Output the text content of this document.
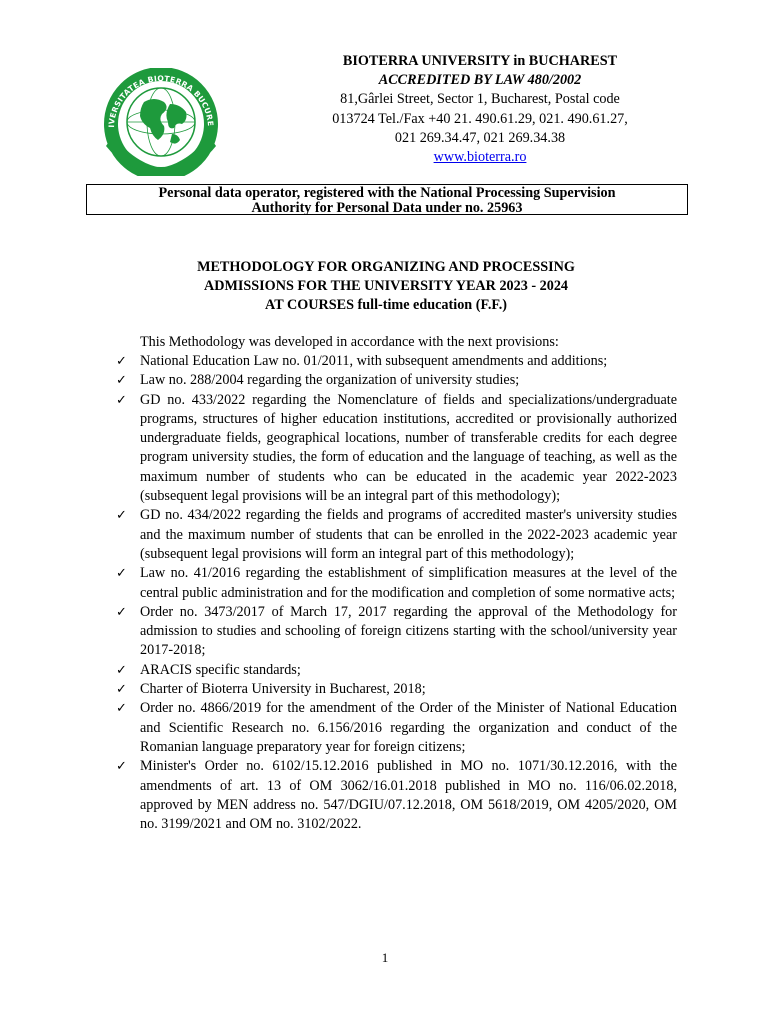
IVERSITATEA BIOTERRA BUCURE
BIOTERRA UNIVERSITY in BUCHAREST
ACCREDITED BY LAW 480/2002
81,Gârlei Street, Sector 1, Bucharest, Postal code
013724 Tel./Fax +40 21. 490.61.29, 021. 490.61.27,
021 269.34.47, 021 269.34.38
www.bioterra.ro
Personal data operator, registered with the National Processing Supervision
Authority for Personal Data under no. 25963
METHODOLOGY FOR ORGANIZING AND PROCESSING
ADMISSIONS FOR THE UNIVERSITY YEAR 2023 - 2024
AT COURSES full-time education (F.F.)
This Methodology was developed in accordance with the next provisions:
✓ National Education Law no. 01/2011, with subsequent amendments and additions;
✓ Law no. 288/2004 regarding the organization of university studies;
✓ GD no. 433/2022 regarding the Nomenclature of fields and specializations/undergraduate programs, structures of higher education institutions, accredited or provisionally authorized undergraduate fields, geographical locations, number of transferable credits for each degree program university studies, the form of education and the language of teaching, as well as the maximum number of students who can be educated in the academic year 2022-2023 (subsequent legal provisions will be an integral part of this methodology);
✓ GD no. 434/2022 regarding the fields and programs of accredited master's university studies and the maximum number of students that can be enrolled in the 2022-2023 academic year (subsequent legal provisions will form an integral part of this methodology);
✓ Law no. 41/2016 regarding the establishment of simplification measures at the level of the central public administration and for the modification and completion of some normative acts;
✓ Order no. 3473/2017 of March 17, 2017 regarding the approval of the Methodology for admission to studies and schooling of foreign citizens starting with the school/university year 2017-2018;
✓ ARACIS specific standards;
✓ Charter of Bioterra University in Bucharest, 2018;
✓ Order no. 4866/2019 for the amendment of the Order of the Minister of National Education and Scientific Research no. 6.156/2016 regarding the organization and conduct of the Romanian language preparatory year for foreign citizens;
✓ Minister's Order no. 6102/15.12.2016 published in MO no. 1071/30.12.2016, with the amendments of art. 13 of OM 3062/16.01.2018 published in MO no. 116/06.02.2018, approved by MEN address no. 547/DGIU/07.12.2018, OM 5618/2019, OM 4205/2020, OM no. 3199/2021 and OM no. 3102/2022.
1
